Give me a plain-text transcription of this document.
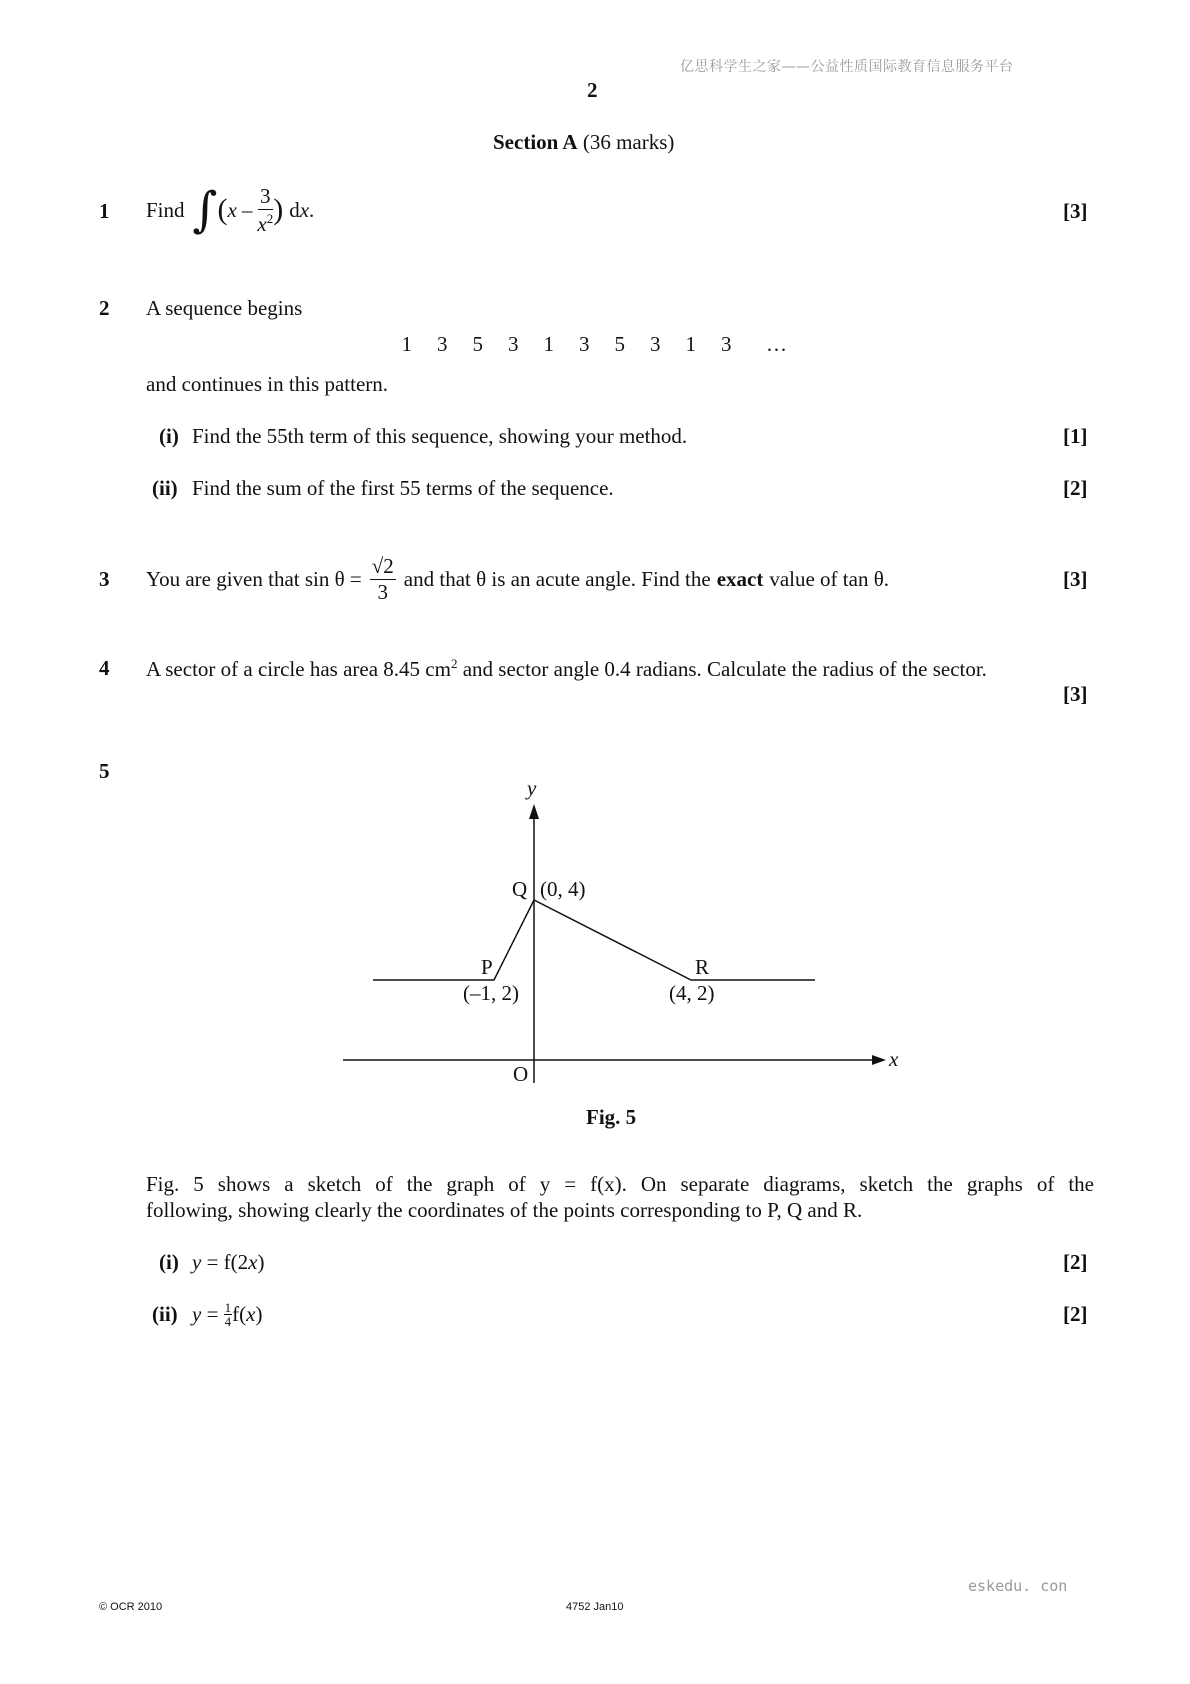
亿思科学生之家——公益性质国际教育信息服务平台
eskedu. con
2
Section A (36 marks)
1 Find ∫ ( x – $\frac{3}{x^2}$ ) d x .	[3]
2 A sequence begins
1 3 5 3 1 3 5 3 1 3 …
and continues in this pattern.
(i) Find the 55th term of this sequence, showing your method.	[1]
(ii) Find the sum of the first 55 terms of the sequence.	[2]
3 You are given that $\sin \theta = \frac{√2}{3}$ and that θ is an acute angle. Find the exact value of tan θ.	[3]
4 A sector of a circle has area 8.45 $cm^2$ and sector angle 0.4 radians. Calculate the radius of the sector.
[3]
5
x
y
O
Q (0, 4)
P
(–1, 2)
R
(4, 2)
Fig. 5
Fig. 5 shows a sketch of the graph of y = f(x). On separate diagrams, sketch the graphs of the
following, showing clearly the coordinates of the points corresponding to P, Q and R.
(i) y = f(2x)	[2]
(ii) $y = \frac{1}{4} f$( x )	[2]
© OCR 2010	4752 Jan10
